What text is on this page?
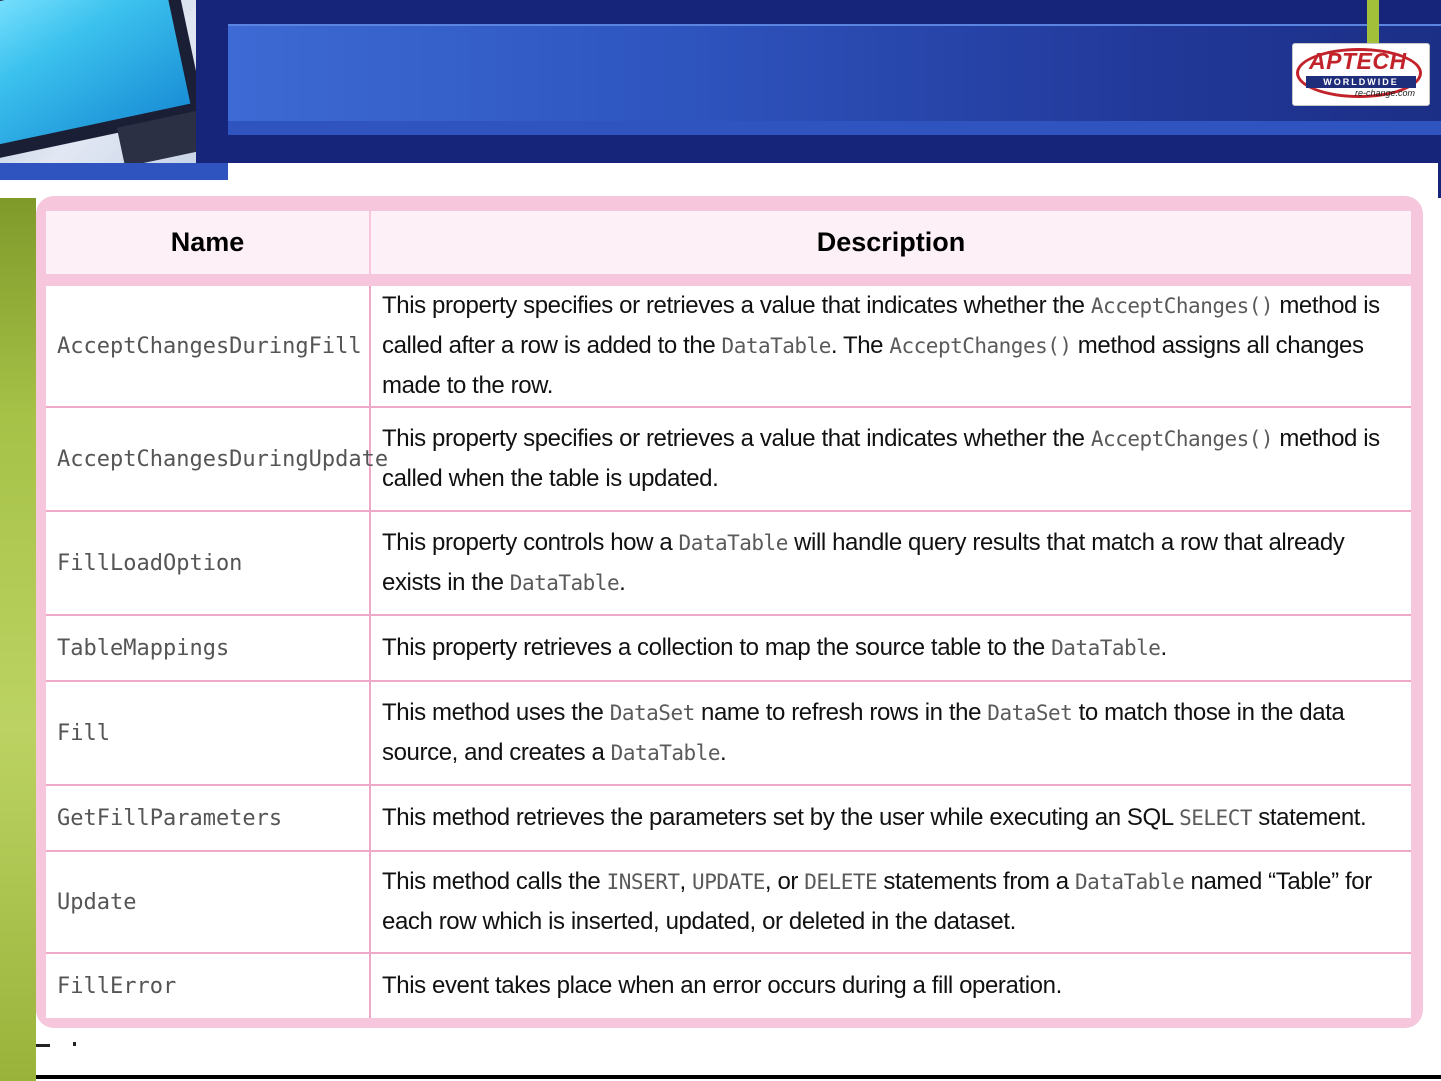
APTECH
WORLDWIDE
re-change.com
Name	Description
AcceptChangesDuringFill	This property specifies or retrieves a value that indicates whether the AcceptChanges() method is called after a row is added to the DataTable. The AcceptChanges() method assigns all changes made to the row.
AcceptChangesDuringUpdate	This property specifies or retrieves a value that indicates whether the AcceptChanges() method is called when the table is updated.
FillLoadOption	This property controls how a DataTable will handle query results that match a row that already exists in the DataTable.
TableMappings	This property retrieves a collection to map the source table to the DataTable.
Fill	This method uses the DataSet name to refresh rows in the DataSet to match those in the data source, and creates a DataTable.
GetFillParameters	This method retrieves the parameters set by the user while executing an SQL SELECT statement.
Update	This method calls the INSERT, UPDATE, or DELETE statements from a DataTable named “Table” for each row which is inserted, updated, or deleted in the dataset.
FillError	This event takes place when an error occurs during a fill operation.
